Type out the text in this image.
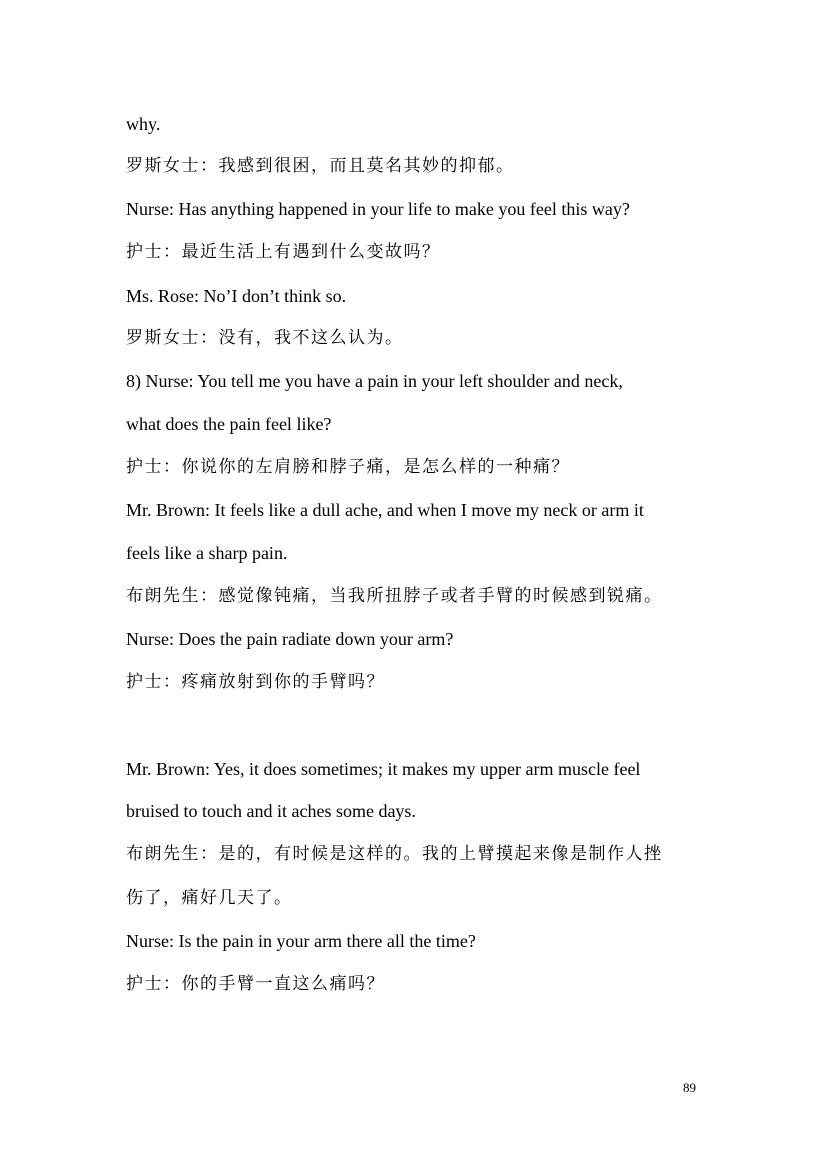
why.
罗斯女士：我感到很困，而且莫名其妙的抑郁。
Nurse: Has anything happened in your life to make you feel this way?
护士：最近生活上有遇到什么变故吗？
Ms. Rose: No’I don’t think so.
罗斯女士：没有，我不这么认为。
8) Nurse: You tell me you have a pain in your left shoulder and neck,
what does the pain feel like?
护士：你说你的左肩膀和脖子痛，是怎么样的一种痛？
Mr. Brown: It feels like a dull ache, and when I move my neck or arm it
feels like a sharp pain.
布朗先生：感觉像钝痛，当我所扭脖子或者手臂的时候感到锐痛。
Nurse: Does the pain radiate down your arm?
护士：疼痛放射到你的手臂吗？
Mr. Brown: Yes, it does sometimes; it makes my upper arm muscle feel
bruised to touch and it aches some days.
布朗先生：是的，有时候是这样的。我的上臂摸起来像是制作人挫
伤了，痛好几天了。
Nurse: Is the pain in your arm there all the time?
护士：你的手臂一直这么痛吗？
89
